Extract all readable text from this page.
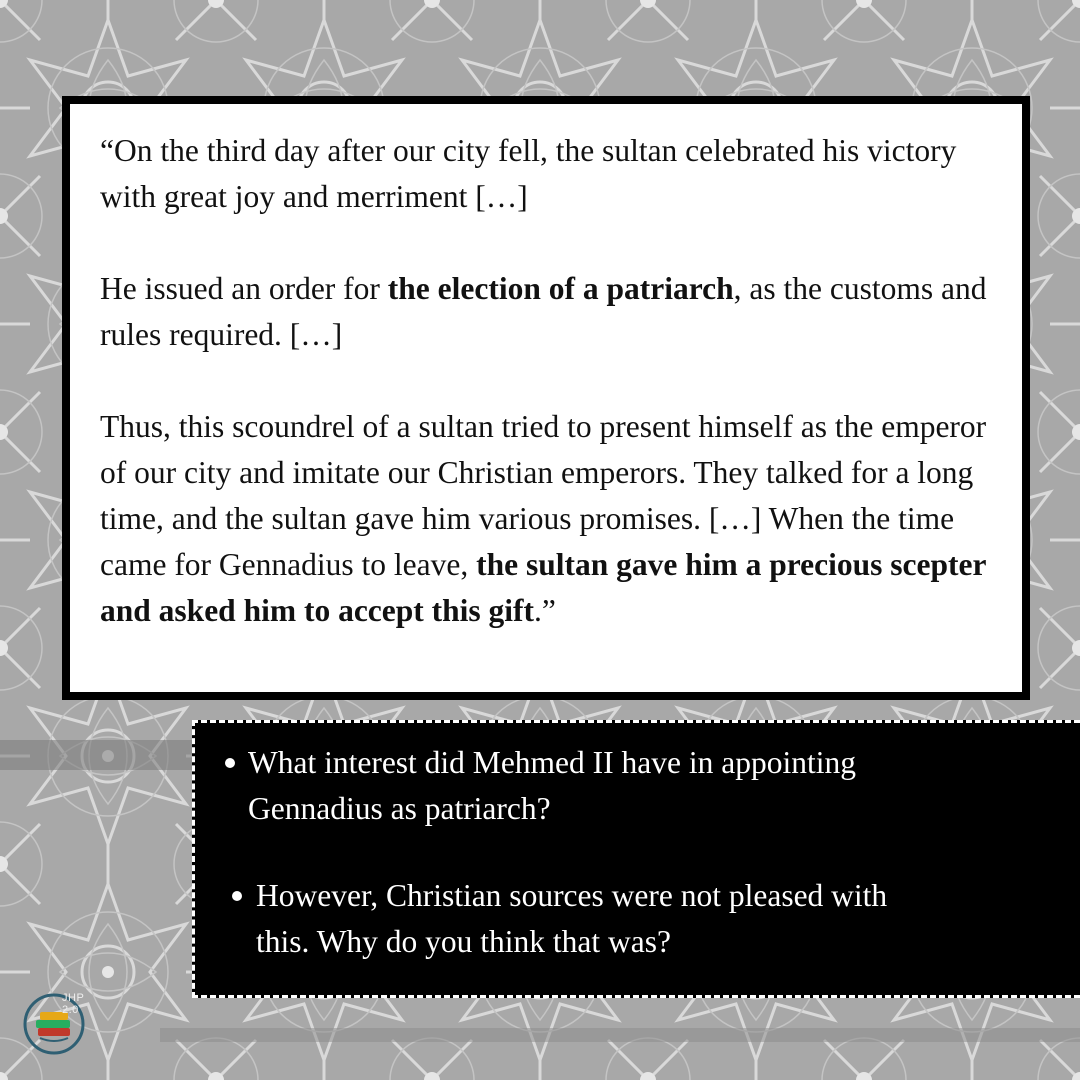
“On the third day after our city fell, the sultan celebrated his victory with great joy and merriment […]

He issued an order for the election of a patriarch, as the customs and rules required. […]

Thus, this scoundrel of a sultan tried to present himself as the emperor of our city and imitate our Christian emperors. They talked for a long time, and the sultan gave him various promises. […] When the time came for Gennadius to leave, the sultan gave him a precious scepter and asked him to accept this gift.”

What interest did Mehmed II have in appointing
Gennadius as patriarch?
However, Christian sources were not pleased with
this. Why do you think that was?
JHP 2.0
